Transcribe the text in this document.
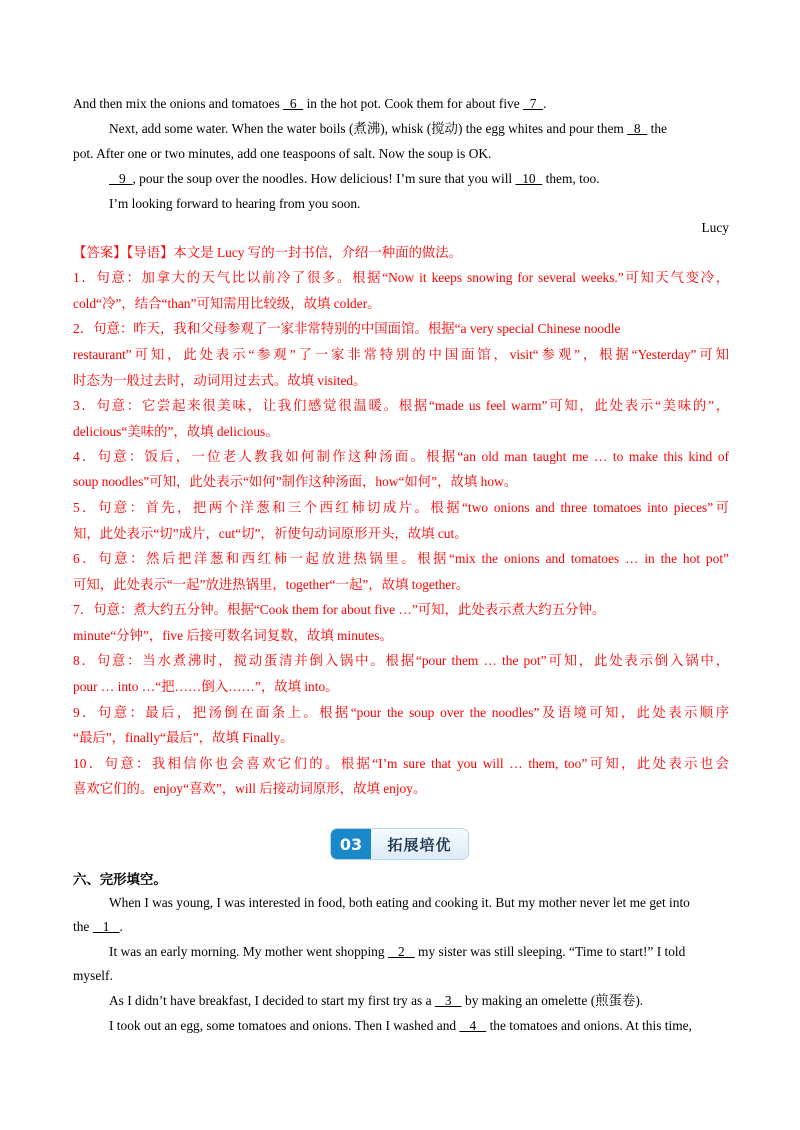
And then mix the onions and tomatoes   6   in the hot pot. Cook them for about five   7  .
Next, add some water. When the water boils (煮沸), whisk (搅动) the egg whites and pour them   8   the
pot. After one or two minutes, add one teaspoons of salt. Now the soup is OK.
9  , pour the soup over the noodles. How delicious! I’m sure that you will   10   them, too.
I’m looking forward to hearing from you soon.
Lucy
【答案】【导语】本文是 Lucy 写的一封书信，介绍一种面的做法。
1．句意：加拿大的天气比以前冷了很多。根据“Now it keeps snowing for several weeks.”可知天气变冷，
cold“冷”，结合“than”可知需用比较级，故填 colder。
2．句意：昨天，我和父母参观了一家非常特别的中国面馆。根据“a very special Chinese noodle
restaurant”可知，此处表示“参观”了一家非常特别的中国面馆，visit“参观”，根据“Yesterday”可知
时态为一般过去时，动词用过去式。故填 visited。
3．句意：它尝起来很美味，让我们感觉很温暖。根据“made us feel warm”可知，此处表示“美味的”，
delicious“美味的”，故填 delicious。
4．句意：饭后，一位老人教我如何制作这种汤面。根据“an old man taught me … to make this kind of
soup noodles”可知，此处表示“如何”制作这种汤面，how“如何”，故填 how。
5．句意：首先，把两个洋葱和三个西红柿切成片。根据“two onions and three tomatoes into pieces”可
知，此处表示“切”成片，cut“切”，祈使句动词原形开头，故填 cut。
6．句意：然后把洋葱和西红柿一起放进热锅里。根据“mix the onions and tomatoes … in the hot pot”
可知，此处表示“一起”放进热锅里，together“一起”，故填 together。
7．句意：煮大约五分钟。根据“Cook them for about five …”可知，此处表示煮大约五分钟。
minute“分钟”，five 后接可数名词复数，故填 minutes。
8．句意：当水煮沸时，搅动蛋清并倒入锅中。根据“pour them … the pot”可知，此处表示倒入锅中，
pour … into …“把……倒入……”，故填 into。
9．句意：最后，把汤倒在面条上。根据“pour the soup over the noodles”及语境可知，此处表示顺序
“最后”，finally“最后”，故填 Finally。
10．句意：我相信你也会喜欢它们的。根据“I’m sure that you will … them, too”可知，此处表示也会
喜欢它们的。enjoy“喜欢”，will 后接动词原形，故填 enjoy。
03	拓展培优
六、完形填空。
When I was young, I was interested in food, both eating and cooking it. But my mother never let me get into
the    1   .
It was an early morning. My mother went shopping    2    my sister was still sleeping. “Time to start!” I told
myself.
As I didn’t have breakfast, I decided to start my first try as a    3    by making an omelette (煎蛋卷).
I took out an egg, some tomatoes and onions. Then I washed and    4    the tomatoes and onions. At this time,
